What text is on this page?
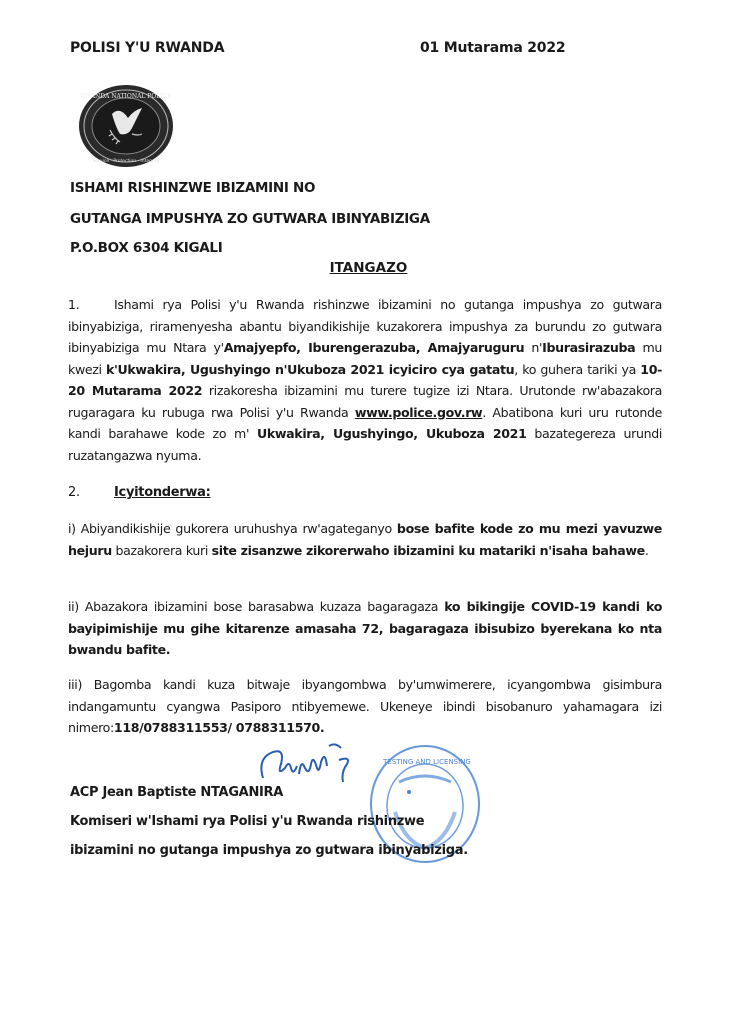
POLISI Y'U RWANDA	01 Mutarama 2022
RWANDA NATIONAL POLICE
Service · Protection · Integrity
ISHAMI RISHINZWE IBIZAMINI NO
GUTANGA IMPUSHYA ZO GUTWARA IBINYABIZIGA
P.O.BOX 6304 KIGALI
ITANGAZO
1.	Ishami rya Polisi y'u Rwanda rishinzwe ibizamini no gutanga impushya zo gutwara ibinyabiziga, riramenyesha abantu biyandikishije kuzakorera impushya za burundu zo gutwara ibinyabiziga mu Ntara y'Amajyepfo, Iburengerazuba, Amajyaruguru n'Iburasirazuba mu kwezi k'Ukwakira, Ugushyingo n'Ukuboza 2021 icyiciro cya gatatu, ko guhera tariki ya 10-20 Mutarama 2022 rizakoresha ibizamini mu turere tugize izi Ntara. Urutonde rw'abazakora rugaragara ku rubuga rwa Polisi y'u Rwanda www.police.gov.rw. Abatibona kuri uru rutonde kandi barahawe kode zo m' Ukwakira, Ugushyingo, Ukuboza 2021 bazategereza urundi ruzatangazwa nyuma.
2.	Icyitonderwa:
i) Abiyandikishije gukorera uruhushya rw'agateganyo bose bafite kode zo mu mezi yavuzwe hejuru bazakorera kuri site zisanzwe zikorerwaho ibizamini ku matariki n'isaha bahawe.
ii) Abazakora ibizamini bose barasabwa kuzaza bagaragaza ko bikingije COVID-19 kandi ko bayipimishije mu gihe kitarenze amasaha 72, bagaragaza ibisubizo byerekana ko nta bwandu bafite.
iii) Bagomba kandi kuza bitwaje ibyangombwa by'umwimerere, icyangombwa gisimbura indangamuntu cyangwa Pasiporo ntibyemewe. Ukeneye ibindi bisobanuro yahamagara izi nimero:118/0788311553/ 0788311570.
TESTING AND LICENSING
ACP Jean Baptiste NTAGANIRA
Komiseri w'Ishami rya Polisi y'u Rwanda rishinzwe
ibizamini no gutanga impushya zo gutwara ibinyabiziga.
